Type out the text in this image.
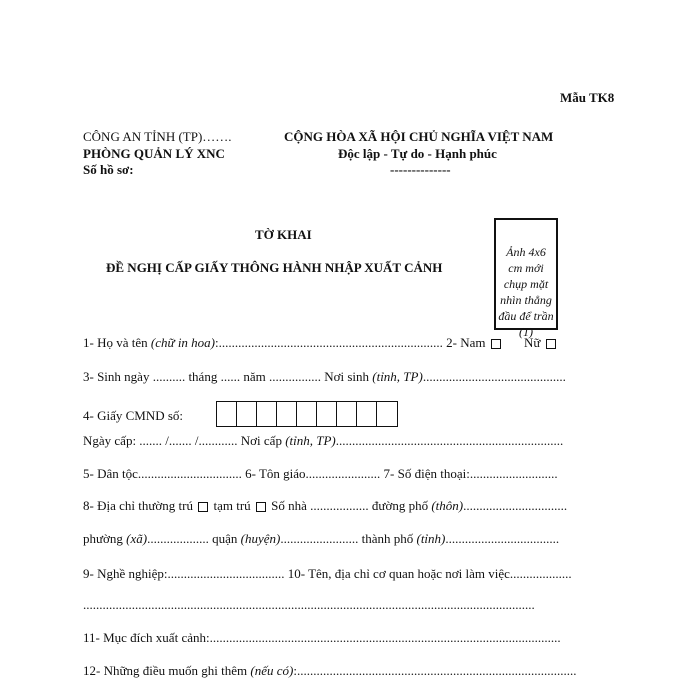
Mẫu TK8
CÔNG AN TỈNH (TP)…….
PHÒNG QUẢN LÝ XNC
Số hồ sơ:
CỘNG HÒA XÃ HỘI CHỦ NGHĨA VIỆT NAM
Độc lập - Tự do - Hạnh phúc
--------------
TỜ KHAI
ĐỀ NGHỊ CẤP GIẤY THÔNG HÀNH NHẬP XUẤT CẢNH
Ảnh 4x6 cm mới chụp mặt nhìn thẳng đầu để trần
(1)
1- Họ và tên (chữ in hoa):..................................................................... 2- Nam	Nữ
3- Sinh ngày .......... tháng ...... năm ................ Nơi sinh (tỉnh, TP)............................................
4- Giấy CMND số:
Ngày cấp: ....... /....... /............ Nơi cấp (tỉnh, TP)......................................................................
5- Dân tộc................................ 6- Tôn giáo....................... 7- Số điện thoại:...........................
8- Địa chỉ thường trú tạm trú Số nhà .................. đường phố (thôn)................................
phường (xã)................... quận (huyện)........................ thành phố (tỉnh)...................................
9- Nghề nghiệp:.................................... 10- Tên, địa chỉ cơ quan hoặc nơi làm việc...................
...........................................................................................................................................
11- Mục đích xuất cảnh:............................................................................................................
12- Những điều muốn ghi thêm (nếu có):......................................................................................
